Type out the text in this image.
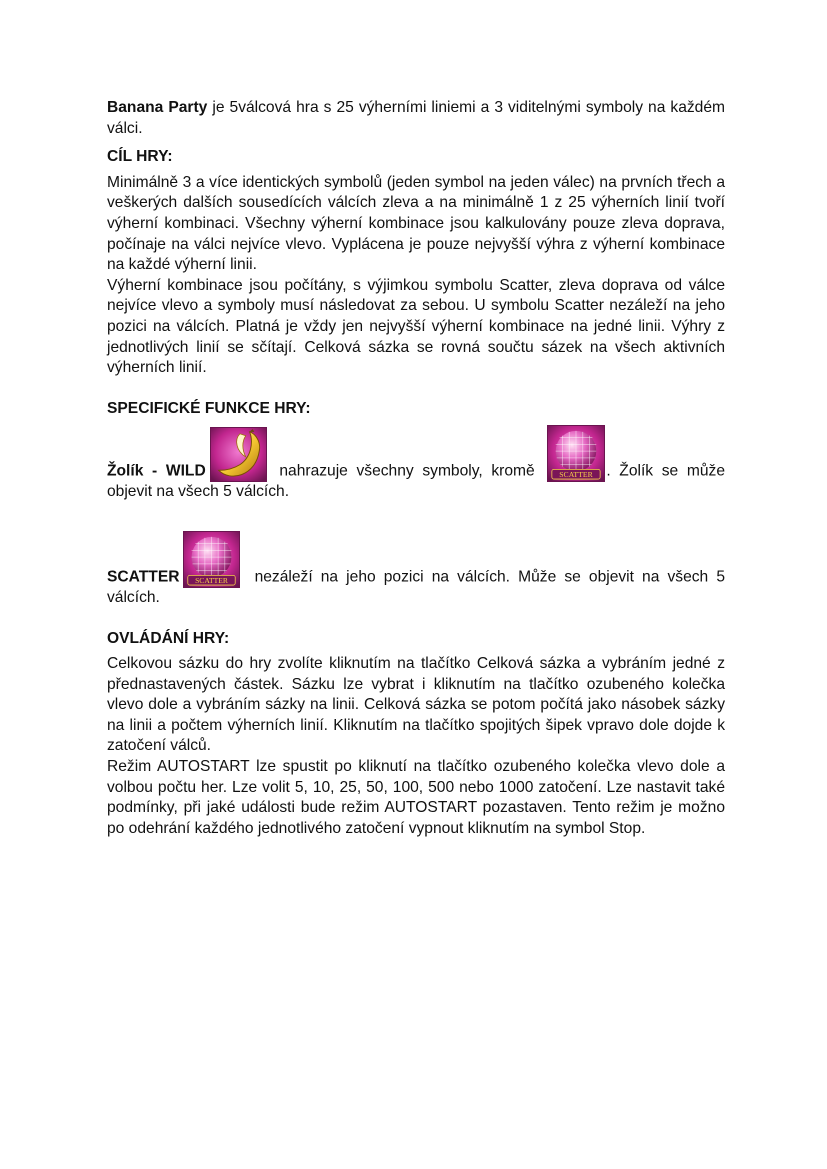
Banana Party je 5válcová hra s 25 výherními liniemi a 3 viditelnými symboly na každém válci.

CÍL HRY:

Minimálně 3 a více identických symbolů (jeden symbol na jeden válec) na prvních třech a veškerých dalších sousedících válcích zleva a na minimálně 1 z 25 výherních linií tvoří výherní kombinaci. Všechny výherní kombinace jsou kalkulovány pouze zleva doprava, počínaje na válci nejvíce vlevo. Vyplácena je pouze nejvyšší výhra z výherní kombinace na každé výherní linii.

Výherní kombinace jsou počítány, s výjimkou symbolu Scatter, zleva doprava od válce nejvíce vlevo a symboly musí následovat za sebou. U symbolu Scatter nezáleží na jeho pozici na válcích. Platná je vždy jen nejvyšší výherní kombinace na jedné linii. Výhry z jednotlivých linií se sčítají. Celková sázka se rovná součtu sázek na všech aktivních výherních linií.

SPECIFICKÉ FUNKCE HRY:

Žolík - WILD	nahrazuje všechny symboly, kromě SCATTER . Žolík se může objevit na všech 5 válcích.

SCATTER SCATTER nezáleží na jeho pozici na válcích. Může se objevit na všech 5 válcích.

OVLÁDÁNÍ HRY:

Celkovou sázku do hry zvolíte kliknutím na tlačítko Celková sázka a vybráním jedné z přednastavených částek. Sázku lze vybrat i kliknutím na tlačítko ozubeného kolečka vlevo dole a vybráním sázky na linii. Celková sázka se potom počítá jako násobek sázky na linii a počtem výherních linií. Kliknutím na tlačítko spojitých šipek vpravo dole dojde k zatočení válců.

Režim AUTOSTART lze spustit po kliknutí na tlačítko ozubeného kolečka vlevo dole a volbou počtu her. Lze volit 5, 10, 25, 50, 100, 500 nebo 1000 zatočení. Lze nastavit také podmínky, při jaké události bude režim AUTOSTART pozastaven. Tento režim je možno po odehrání každého jednotlivého zatočení vypnout kliknutím na symbol Stop.
